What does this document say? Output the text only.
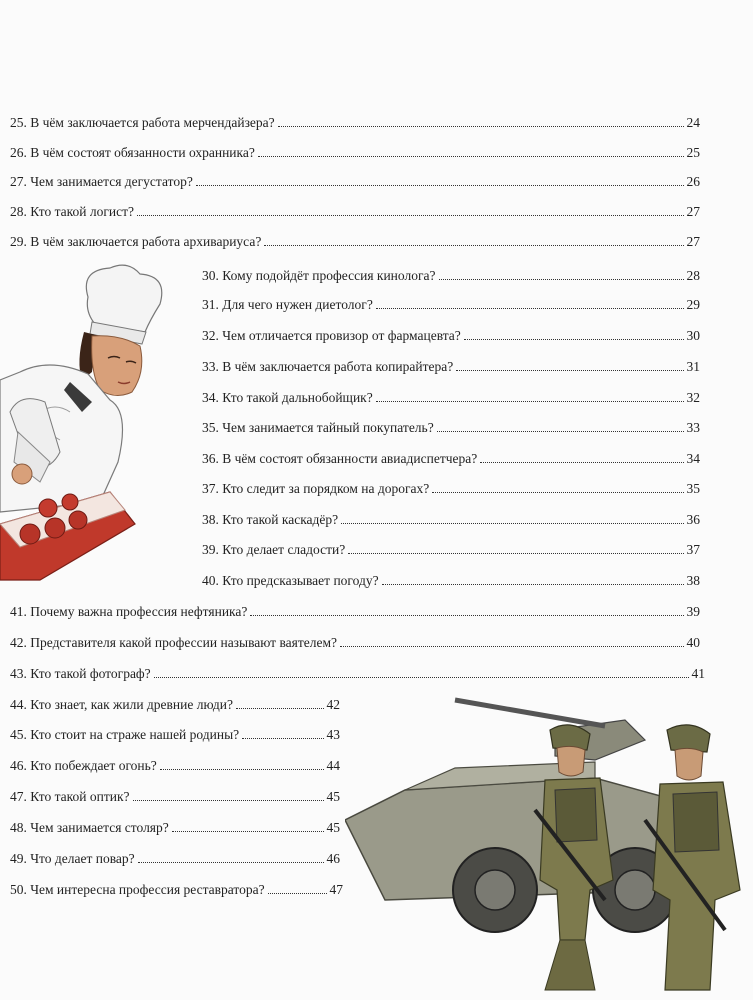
25. В чём заключается работа мерчендайзера?	24
26. В чём состоят обязанности охранника?	25
27. Чем занимается дегустатор?	26
28. Кто такой логист?	27
29. В чём заключается работа архивариуса?	27
30. Кому подойдёт профессия кинолога?	28
31. Для чего нужен диетолог?	29
32. Чем отличается провизор от фармацевта?	30
33. В чём заключается работа копирайтера?	31
34. Кто такой дальнобойщик?	32
35. Чем занимается тайный покупатель?	33
36. В чём состоят обязанности авиадиспетчера?	34
37. Кто следит за порядком на дорогах?	35
38. Кто такой каскадёр?	36
39. Кто делает сладости?	37
40. Кто предсказывает погоду?	38
41. Почему важна профессия нефтяника?	39
42. Представителя какой профессии называют ваятелем?	40
43. Кто такой фотограф?	41
44. Кто знает, как жили древние люди?	42
45. Кто стоит на страже нашей родины?	43
46. Кто побеждает огонь?	44
47. Кто такой оптик?	45
48. Чем занимается столяр?	45
49. Что делает повар?	46
50. Чем интересна профессия реставратора?	47
